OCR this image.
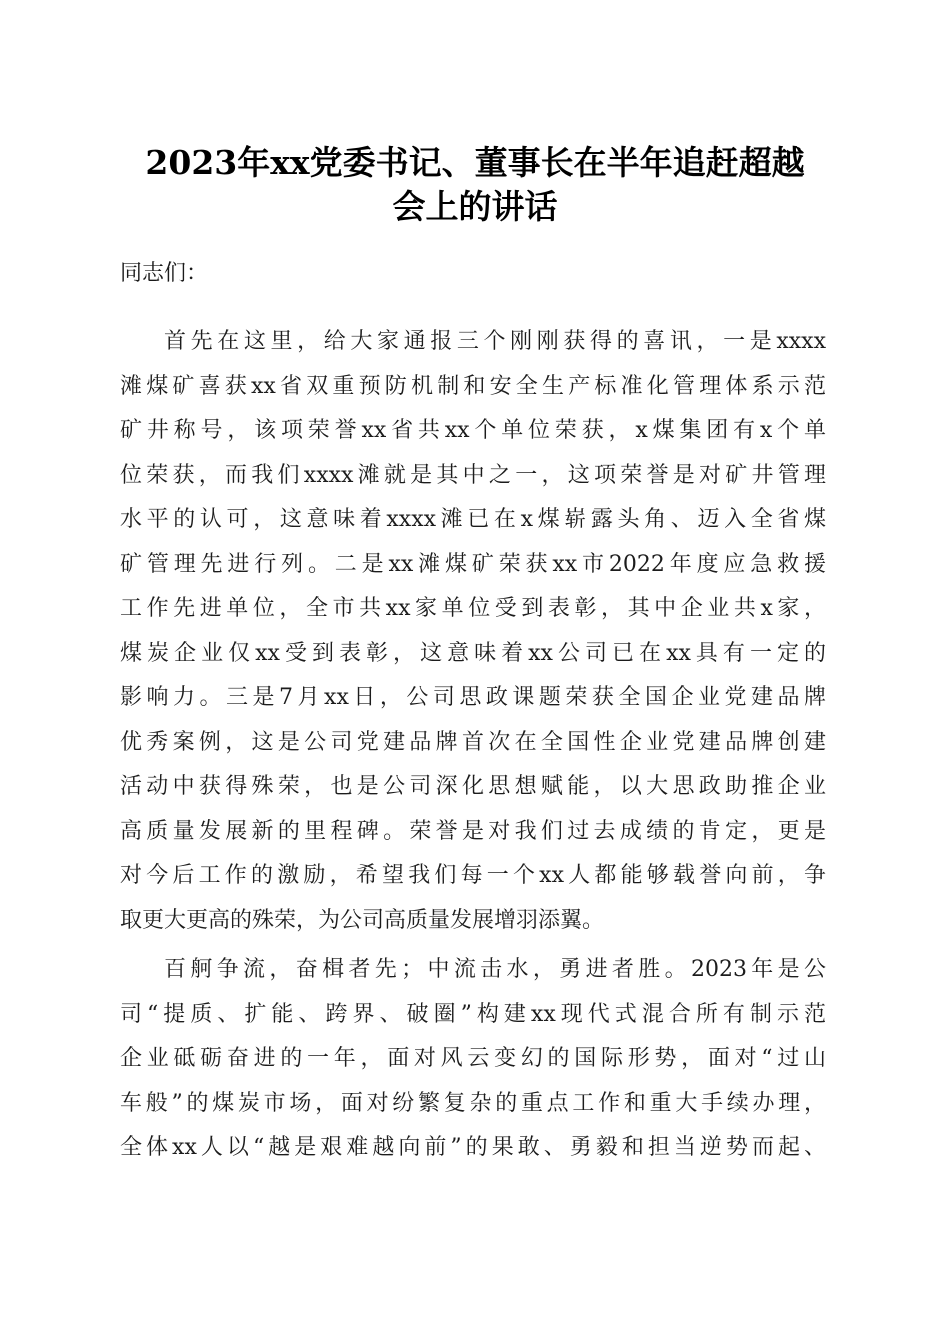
2023年xx党委书记、董事长在半年追赶超越
会上的讲话
同志们：
首先在这里，给大家通报三个刚刚获得的喜讯，一是xxxx
滩煤矿喜获xx省双重预防机制和安全生产标准化管理体系示范
矿井称号，该项荣誉xx省共xx个单位荣获，x煤集团有x个单
位荣获，而我们xxxx滩就是其中之一，这项荣誉是对矿井管理
水平的认可，这意味着xxxx滩已在x煤崭露头角、迈入全省煤
矿管理先进行列。二是xx滩煤矿荣获xx市2022年度应急救援
工作先进单位，全市共xx家单位受到表彰，其中企业共x家，
煤炭企业仅xx受到表彰，这意味着xx公司已在xx具有一定的
影响力。三是7月xx日，公司思政课题荣获全国企业党建品牌
优秀案例，这是公司党建品牌首次在全国性企业党建品牌创建
活动中获得殊荣，也是公司深化思想赋能，以大思政助推企业
高质量发展新的里程碑。荣誉是对我们过去成绩的肯定，更是
对今后工作的激励，希望我们每一个xx人都能够载誉向前，争
取更大更高的殊荣，为公司高质量发展增羽添翼。
百舸争流，奋楫者先；中流击水，勇进者胜。2023年是公
司“提质、扩能、跨界、破圈”构建xx现代式混合所有制示范
企业砥砺奋进的一年，面对风云变幻的国际形势，面对“过山
车般”的煤炭市场，面对纷繁复杂的重点工作和重大手续办理，
全体xx人以“越是艰难越向前”的果敢、勇毅和担当逆势而起、
